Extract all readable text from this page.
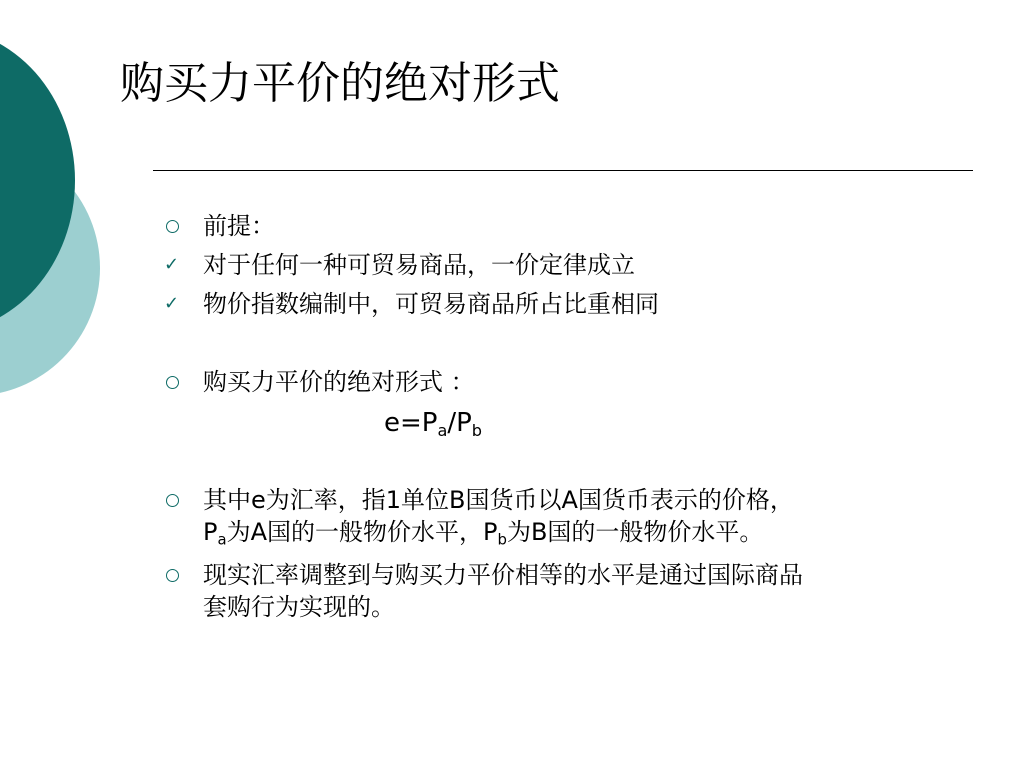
购买力平价的绝对形式
前提：
✓ 对于任何一种可贸易商品，一价定律成立
✓ 物价指数编制中，可贸易商品所占比重相同
购买力平价的绝对形式 ：
$e=P_a/P_b$
其中e为汇率，指1单位B国货币以A国货币表示的价格，
$P_a$为A国的一般物价水平，$P_b$为B国的一般物价水平。
现实汇率调整到与购买力平价相等的水平是通过国际商品
套购行为实现的。
